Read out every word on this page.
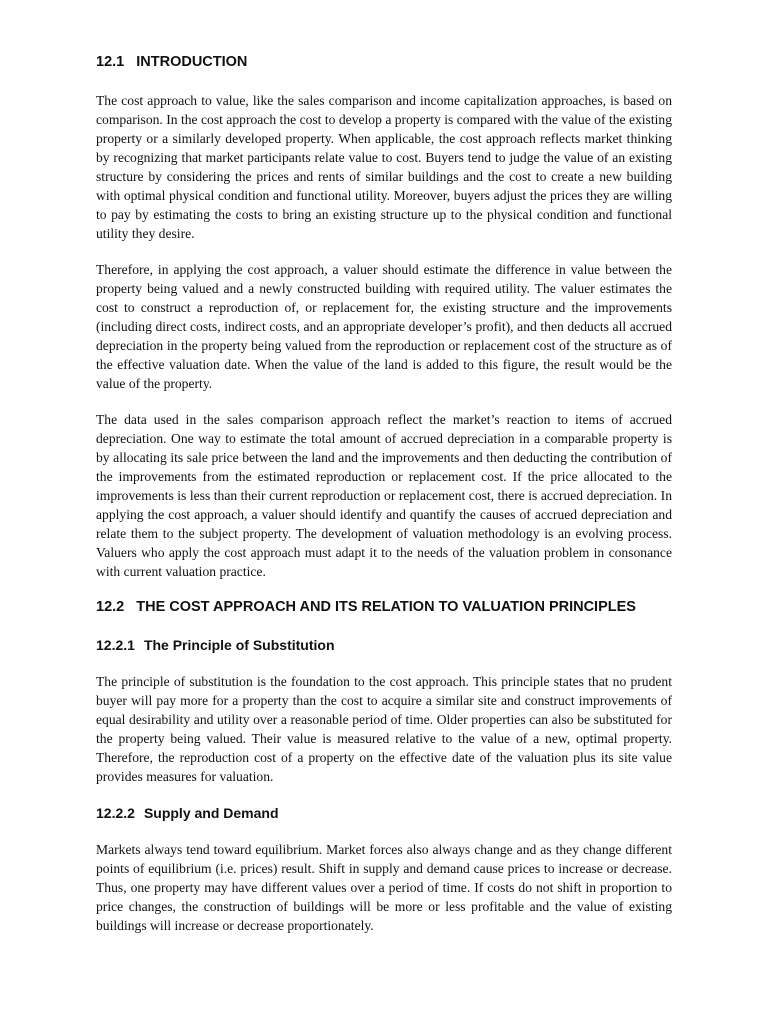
12.1 INTRODUCTION

The cost approach to value, like the sales comparison and income capitalization approaches, is based on comparison. In the cost approach the cost to develop a property is compared with the value of the existing property or a similarly developed property. When applicable, the cost approach reflects market thinking by recognizing that market participants relate value to cost. Buyers tend to judge the value of an existing structure by considering the prices and rents of similar buildings and the cost to create a new building with optimal physical condition and functional utility. Moreover, buyers adjust the prices they are willing to pay by estimating the costs to bring an existing structure up to the physical condition and functional utility they desire.

Therefore, in applying the cost approach, a valuer should estimate the difference in value between the property being valued and a newly constructed building with required utility. The valuer estimates the cost to construct a reproduction of, or replacement for, the existing structure and the improvements (including direct costs, indirect costs, and an appropriate developer’s profit), and then deducts all accrued depreciation in the property being valued from the reproduction or replacement cost of the structure as of the effective valuation date. When the value of the land is added to this figure, the result would be the value of the property.

The data used in the sales comparison approach reflect the market’s reaction to items of accrued depreciation. One way to estimate the total amount of accrued depreciation in a comparable property is by allocating its sale price between the land and the improvements and then deducting the contribution of the improvements from the estimated reproduction or replacement cost. If the price allocated to the improvements is less than their current reproduction or replacement cost, there is accrued depreciation. In applying the cost approach, a valuer should identify and quantify the causes of accrued depreciation and relate them to the subject property. The development of valuation methodology is an evolving process. Valuers who apply the cost approach must adapt it to the needs of the valuation problem in consonance with current valuation practice.

12.2 THE COST APPROACH AND ITS RELATION TO VALUATION PRINCIPLES
12.2.1 The Principle of Substitution

The principle of substitution is the foundation to the cost approach. This principle states that no prudent buyer will pay more for a property than the cost to acquire a similar site and construct improvements of equal desirability and utility over a reasonable period of time. Older properties can also be substituted for the property being valued. Their value is measured relative to the value of a new, optimal property. Therefore, the reproduction cost of a property on the effective date of the valuation plus its site value provides measures for valuation.

12.2.2 Supply and Demand

Markets always tend toward equilibrium. Market forces also always change and as they change different points of equilibrium (i.e. prices) result. Shift in supply and demand cause prices to increase or decrease. Thus, one property may have different values over a period of time. If costs do not shift in proportion to price changes, the construction of buildings will be more or less profitable and the value of existing buildings will increase or decrease proportionately.
